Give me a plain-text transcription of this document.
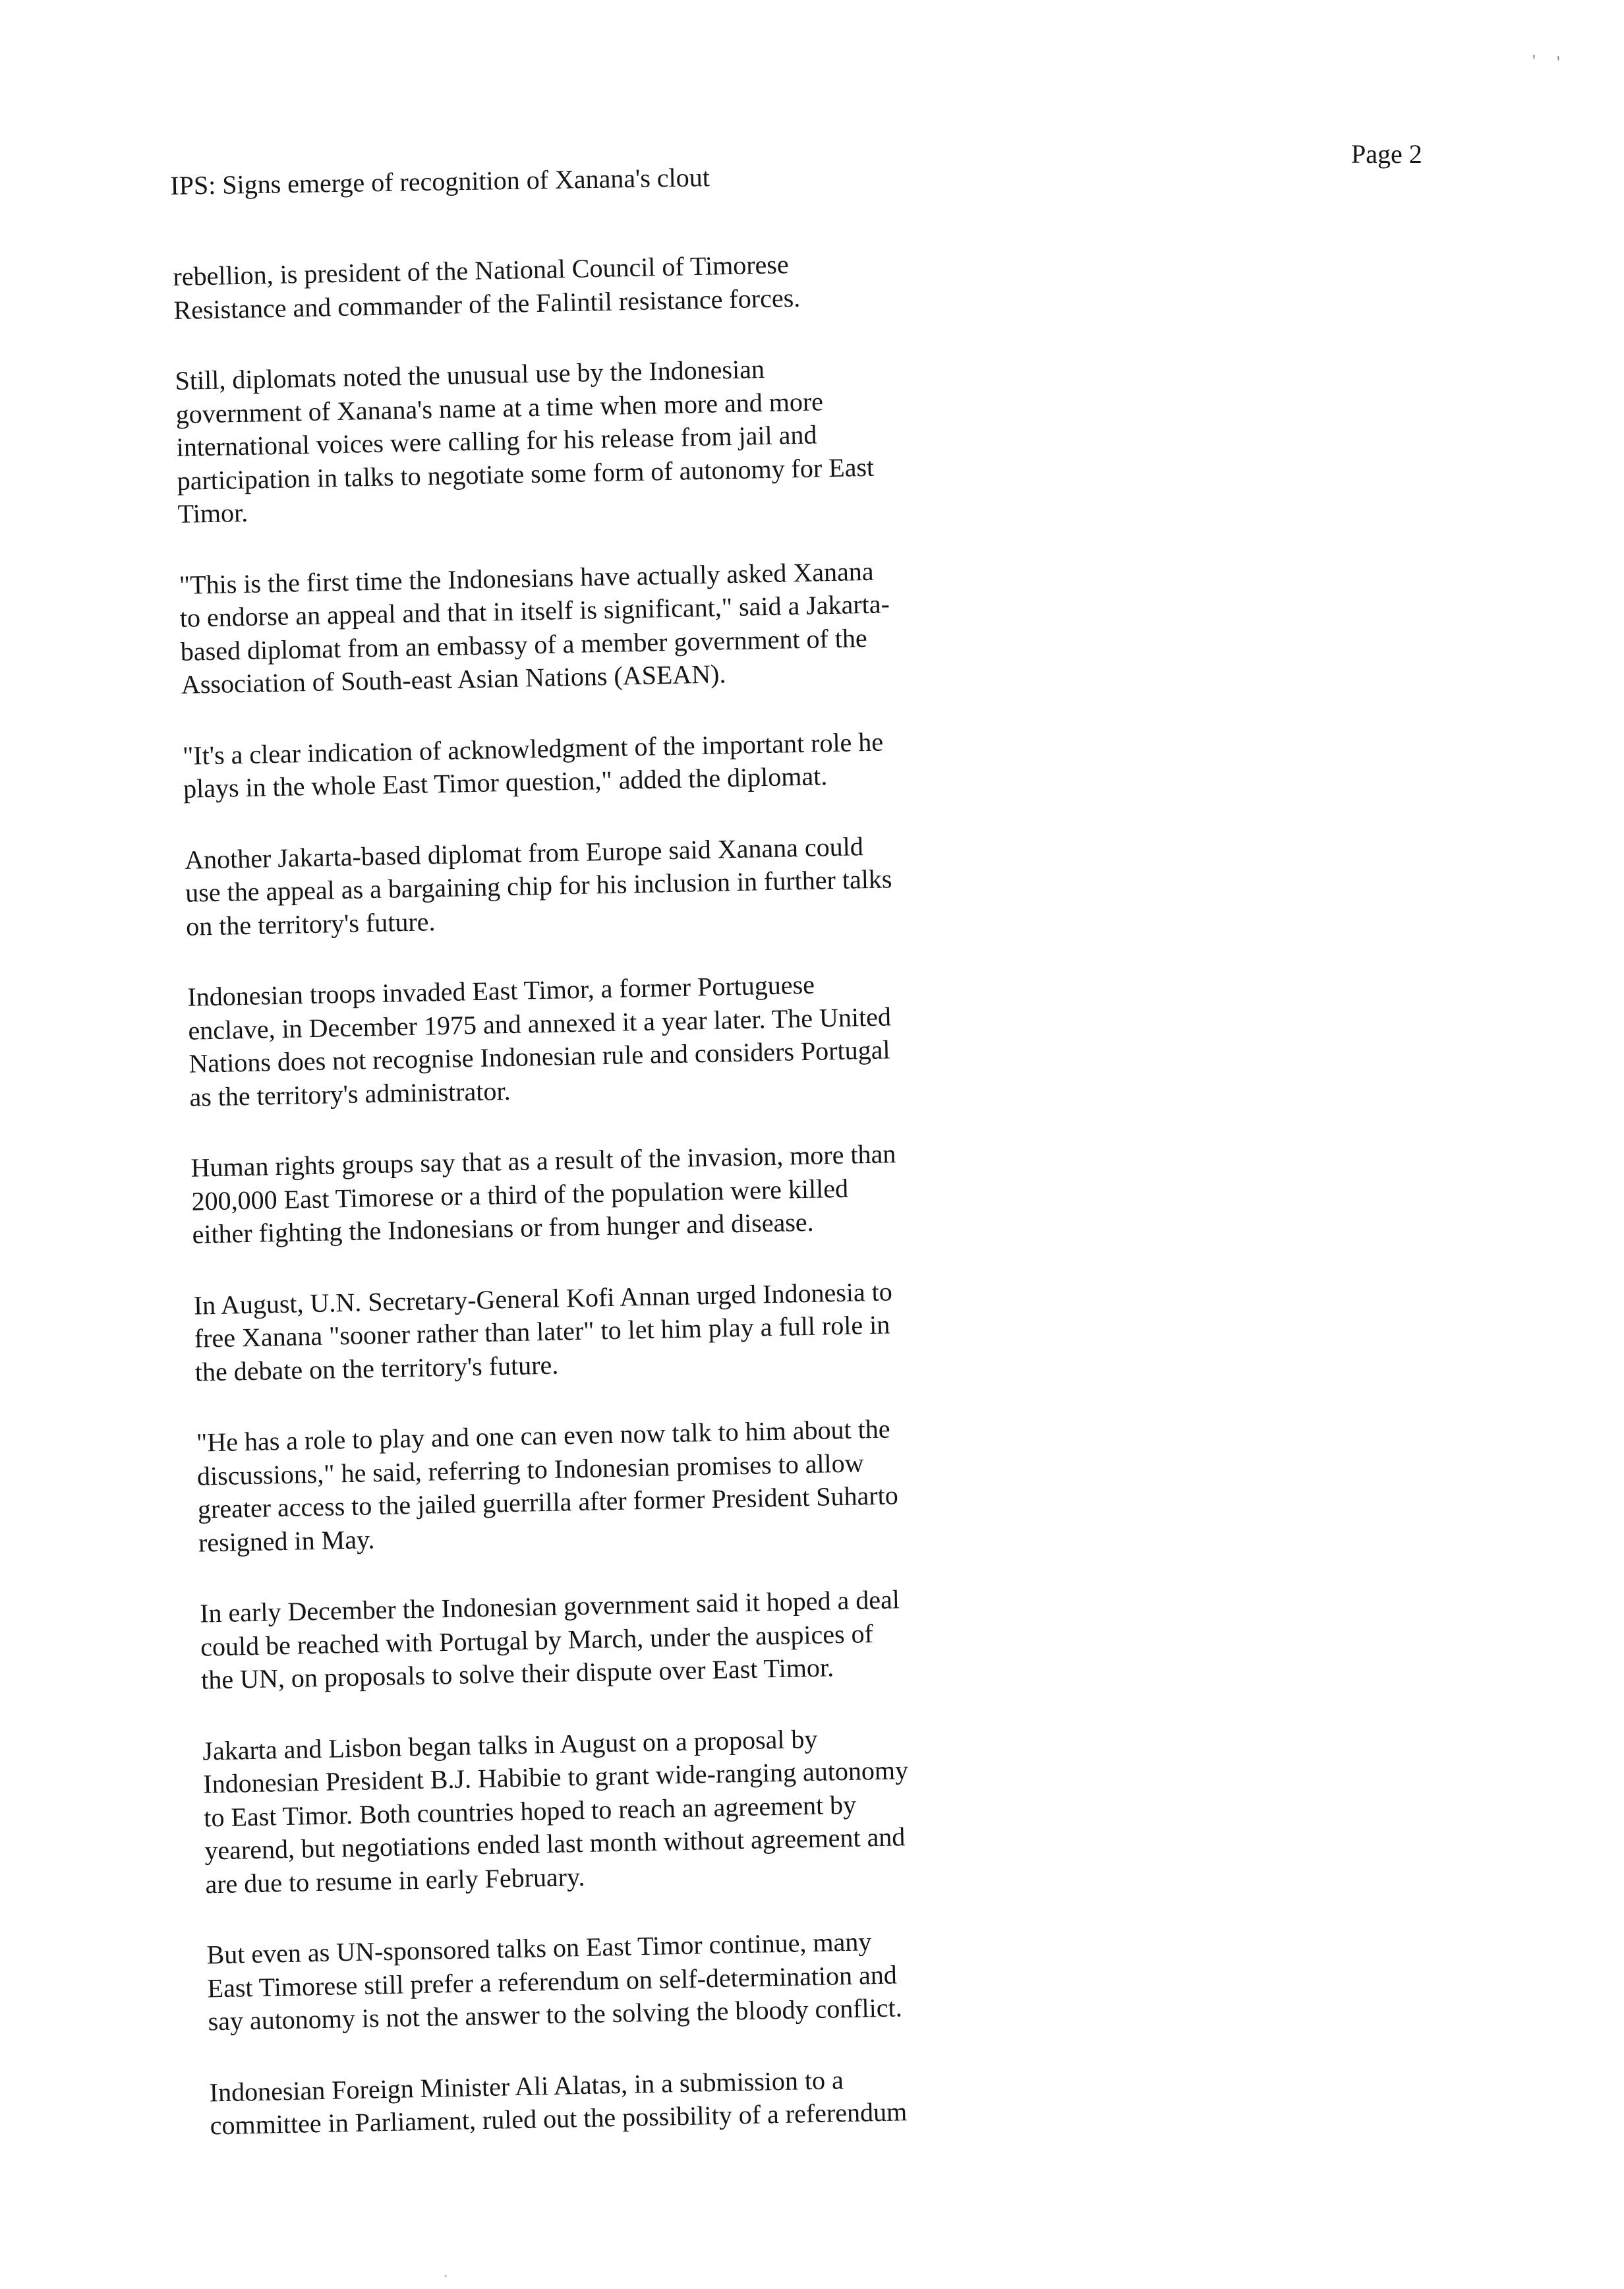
' '
Page 2
IPS: Signs emerge of recognition of Xanana's clout

rebellion, is president of the National Council of Timorese
Resistance and commander of the Falintil resistance forces.

Still, diplomats noted the unusual use by the Indonesian
government of Xanana's name at a time when more and more
international voices were calling for his release from jail and
participation in talks to negotiate some form of autonomy for East
Timor.

"This is the first time the Indonesians have actually asked Xanana
to endorse an appeal and that in itself is significant," said a Jakarta-
based diplomat from an embassy of a member government of the
Association of South-east Asian Nations (ASEAN).

"It's a clear indication of acknowledgment of the important role he
plays in the whole East Timor question," added the diplomat.

Another Jakarta-based diplomat from Europe said Xanana could
use the appeal as a bargaining chip for his inclusion in further talks
on the territory's future.

Indonesian troops invaded East Timor, a former Portuguese
enclave, in December 1975 and annexed it a year later. The United
Nations does not recognise Indonesian rule and considers Portugal
as the territory's administrator.

Human rights groups say that as a result of the invasion, more than
200,000 East Timorese or a third of the population were killed
either fighting the Indonesians or from hunger and disease.

In August, U.N. Secretary-General Kofi Annan urged Indonesia to
free Xanana "sooner rather than later" to let him play a full role in
the debate on the territory's future.

"He has a role to play and one can even now talk to him about the
discussions," he said, referring to Indonesian promises to allow
greater access to the jailed guerrilla after former President Suharto
resigned in May.

In early December the Indonesian government said it hoped a deal
could be reached with Portugal by March, under the auspices of
the UN, on proposals to solve their dispute over East Timor.

Jakarta and Lisbon began talks in August on a proposal by
Indonesian President B.J. Habibie to grant wide-ranging autonomy
to East Timor. Both countries hoped to reach an agreement by
yearend, but negotiations ended last month without agreement and
are due to resume in early February.

But even as UN-sponsored talks on East Timor continue, many
East Timorese still prefer a referendum on self-determination and
say autonomy is not the answer to the solving the bloody conflict.

Indonesian Foreign Minister Ali Alatas, in a submission to a
committee in Parliament, ruled out the possibility of a referendum

·
